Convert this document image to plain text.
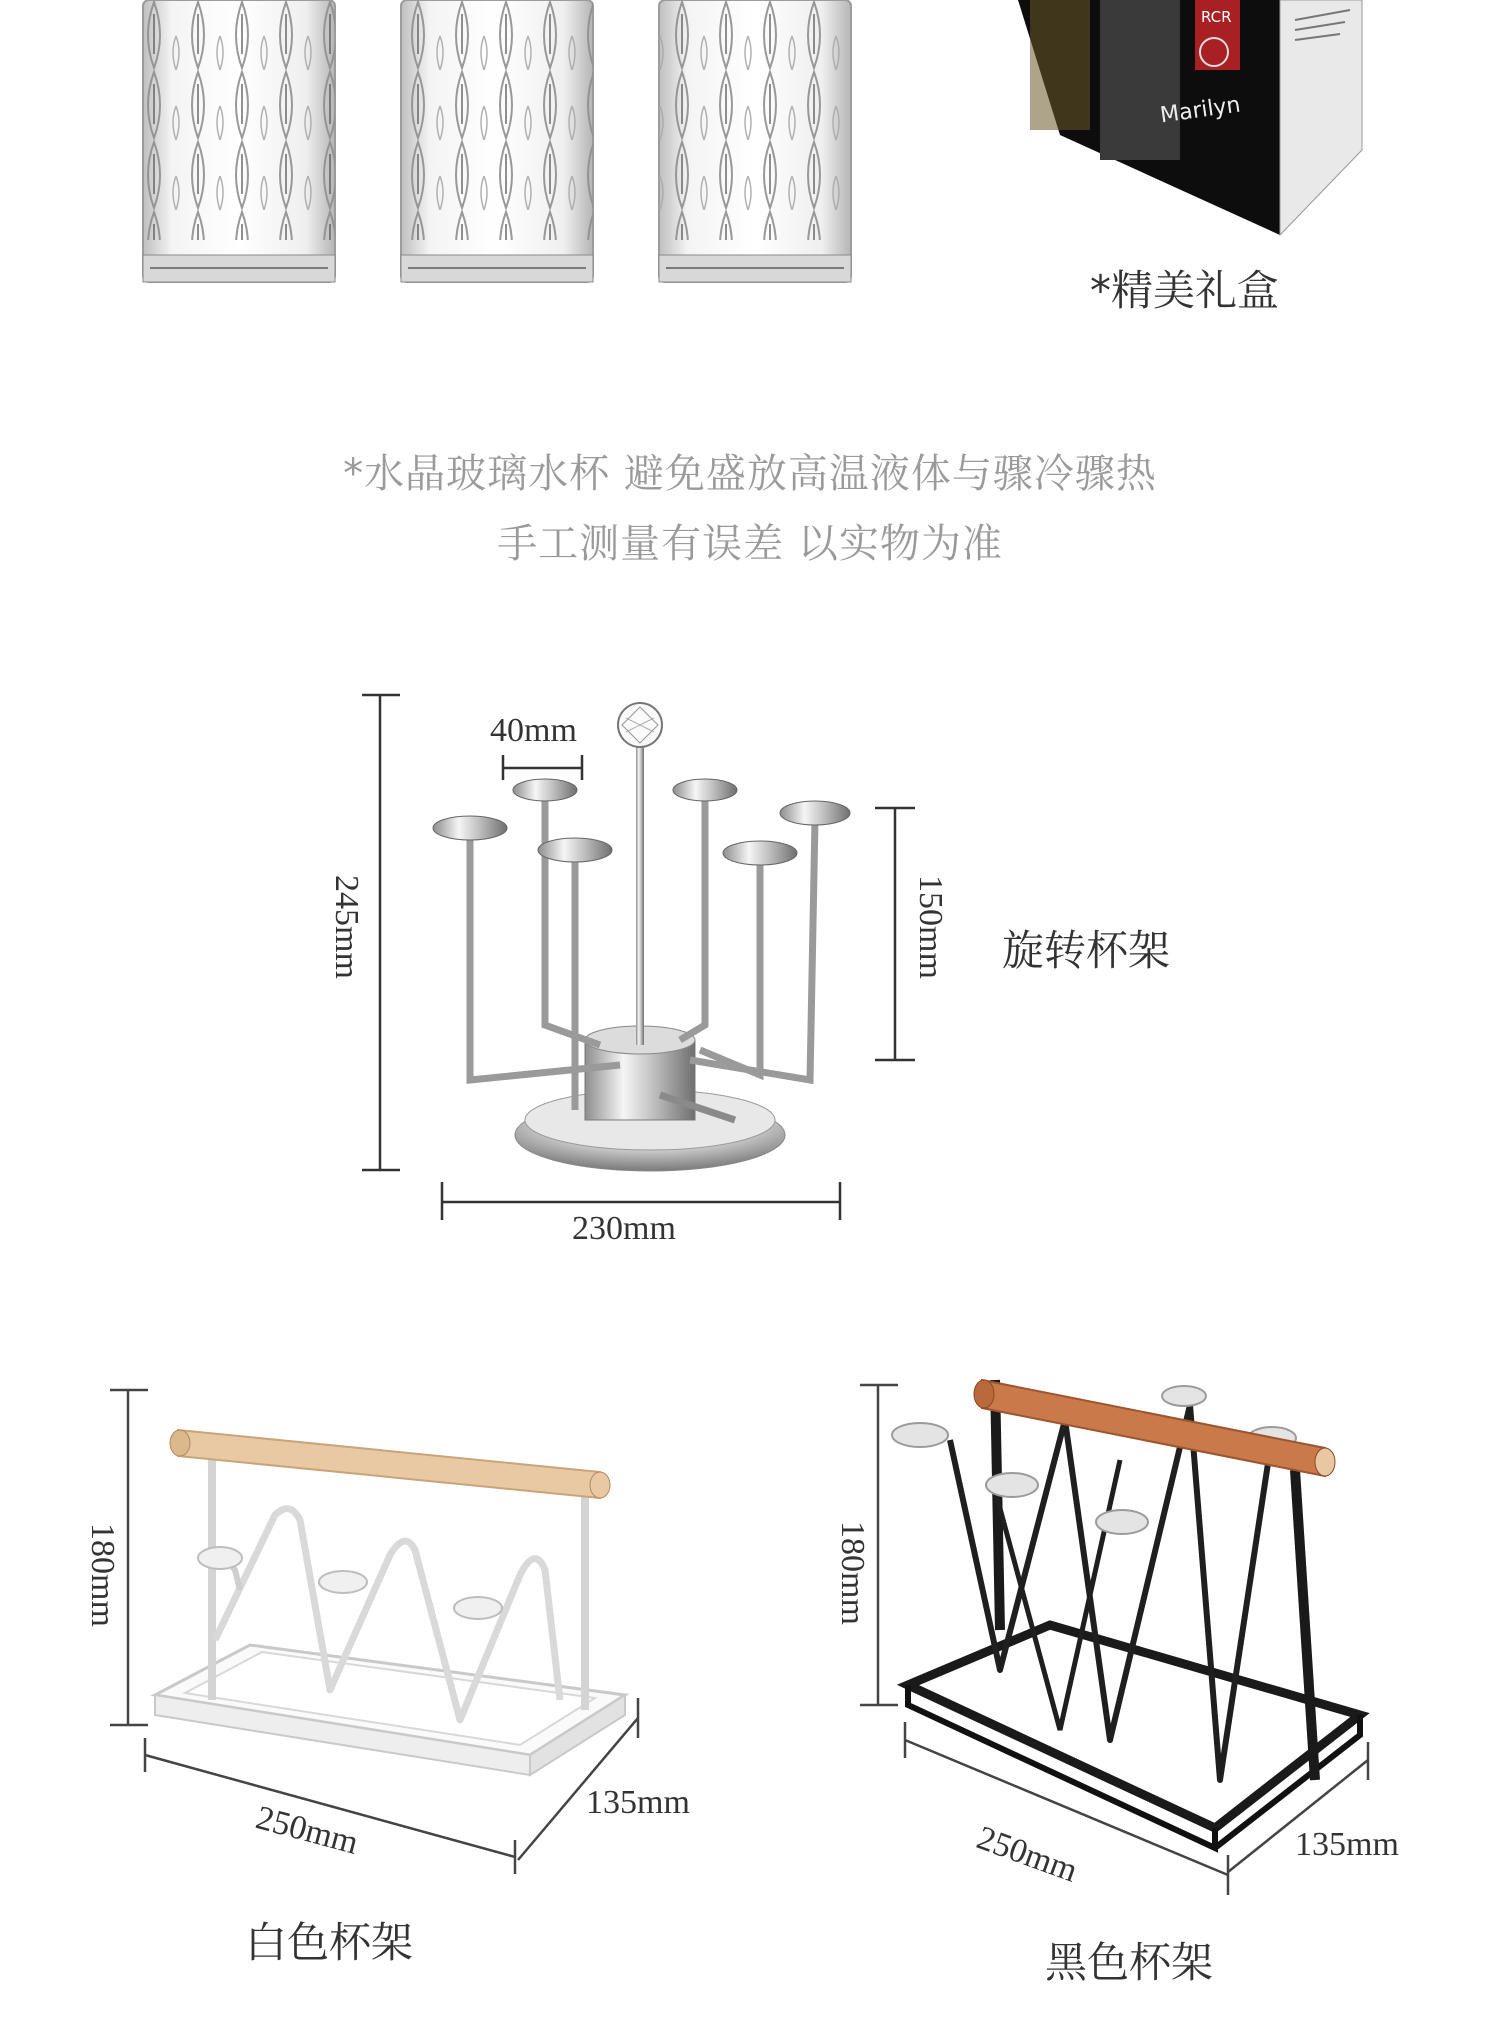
Marilyn
RCR
*精美礼盒
*水晶玻璃水杯 避免盛放高温液体与骤冷骤热
手工测量有误差 以实物为准
40mm
245mm	150mm
230mm
旋转杯架
180mm
250mm	135mm
白色杯架
180mm
250mm	135mm
黑色杯架
